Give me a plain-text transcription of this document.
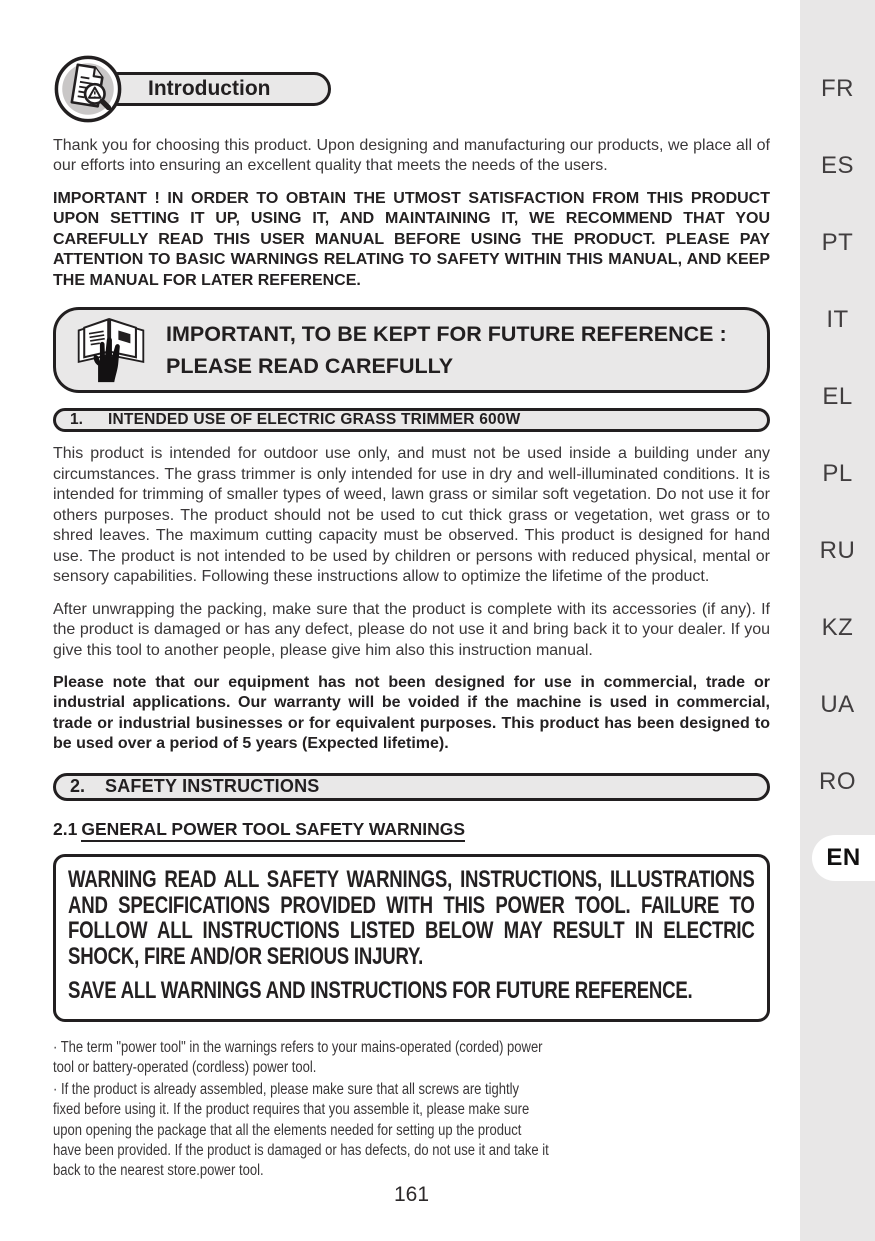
Introduction

Thank you for choosing this product. Upon designing and manufacturing our products, we place all of our efforts into ensuring an excellent quality that meets the needs of the users.

IMPORTANT ! IN ORDER TO OBTAIN THE UTMOST SATISFACTION FROM THIS PRODUCT UPON SETTING IT UP, USING IT, AND MAINTAINING IT, WE RECOMMEND THAT YOU CAREFULLY READ THIS USER MANUAL BEFORE USING THE PRODUCT. PLEASE PAY ATTENTION TO BASIC WARNINGS RELATING TO SAFETY WITHIN THIS MANUAL, AND KEEP THE MANUAL FOR LATER REFERENCE.

IMPORTANT, TO BE KEPT FOR FUTURE REFERENCE :
PLEASE READ CAREFULLY
1.	INTENDED USE OF ELECTRIC GRASS TRIMMER 600W

This product is intended for outdoor use only, and must not be used inside a building under any circumstances. The grass trimmer is only intended for use in dry and well-illuminated conditions. It is intended for trimming of smaller types of weed, lawn grass or similar soft vegetation. Do not use it for others purposes. The product should not be used to cut thick grass or vegetation, wet grass or to shred leaves. The maximum cutting capacity must be observed. This product is designed for hand use. The product is not intended to be used by children or persons with reduced physical, mental or sensory capabilities. Following these instructions allow to optimize the lifetime of the product.

After unwrapping the packing, make sure that the product is complete with its accessories (if any). If the product is damaged or has any defect, please do not use it and bring back it to your dealer. If you give this tool to another people, please give him also this instruction manual.

Please note that our equipment has not been designed for use in commercial, trade or industrial applications. Our warranty will be voided if the machine is used in commercial, trade or industrial businesses or for equivalent purposes. This product has been designed to be used over a period of 5 years (Expected lifetime).

2.	SAFETY INSTRUCTIONS
2.1 GENERAL POWER TOOL SAFETY WARNINGS
WARNING READ ALL SAFETY WARNINGS, INSTRUCTIONS, ILLUSTRATIONS AND SPECIFICATIONS PROVIDED WITH THIS POWER TOOL. FAILURE TO FOLLOW ALL INSTRUCTIONS LISTED BELOW MAY RESULT IN ELECTRIC SHOCK, FIRE AND/OR SERIOUS INJURY.
SAVE ALL WARNINGS AND INSTRUCTIONS FOR FUTURE REFERENCE.
· The term "power tool" in the warnings refers to your mains-operated (corded) power tool or battery-operated (cordless) power tool.
· If the product is already assembled, please make sure that all screws are tightly fixed before using it. If the product requires that you assemble it, please make sure upon opening the package that all the elements needed for setting up the product have been provided. If the product is damaged or has defects, do not use it and take it back to the nearest store.power tool.
161
FR
ES
PT
IT
EL
PL
RU
KZ
UA
RO
EN
